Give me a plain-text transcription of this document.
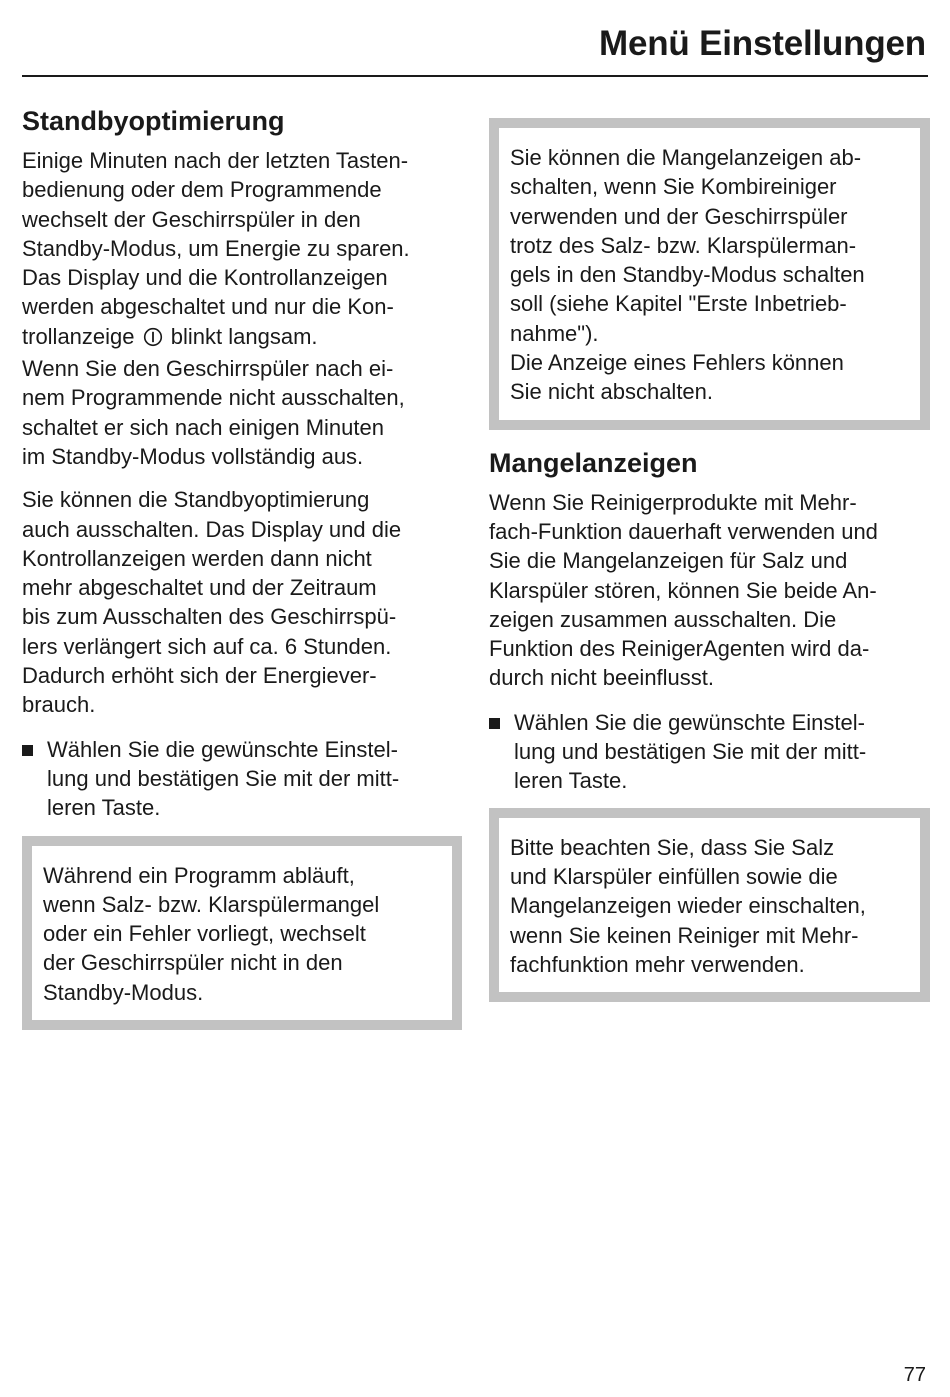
Menü Einstellungen
Standbyoptimierung
Einige Minuten nach der letzten Tasten-
bedienung oder dem Programmende
wechselt der Geschirrspüler in den
Standby-Modus, um Energie zu sparen.
Das Display und die Kontrollanzeigen
werden abgeschaltet und nur die Kon-
trollanzeige blinkt langsam.
Wenn Sie den Geschirrspüler nach ei-
nem Programmende nicht ausschalten,
schaltet er sich nach einigen Minuten
im Standby-Modus vollständig aus.
Sie können die Standbyoptimierung
auch ausschalten. Das Display und die
Kontrollanzeigen werden dann nicht
mehr abgeschaltet und der Zeitraum
bis zum Ausschalten des Geschirrspü-
lers verlängert sich auf ca. 6 Stunden.
Dadurch erhöht sich der Energiever-
brauch.
Wählen Sie die gewünschte Einstel-
lung und bestätigen Sie mit der mitt-
leren Taste.
Während ein Programm abläuft,
wenn Salz- bzw. Klarspülermangel
oder ein Fehler vorliegt, wechselt
der Geschirrspüler nicht in den
Standby-Modus.
Sie können die Mangelanzeigen ab-
schalten, wenn Sie Kombireiniger
verwenden und der Geschirrspüler
trotz des Salz- bzw. Klarspülerman-
gels in den Standby-Modus schalten
soll (siehe Kapitel "Erste Inbetrieb-
nahme").
Die Anzeige eines Fehlers können
Sie nicht abschalten.
Mangelanzeigen
Wenn Sie Reinigerprodukte mit Mehr-
fach-Funktion dauerhaft verwenden und
Sie die Mangelanzeigen für Salz und
Klarspüler stören, können Sie beide An-
zeigen zusammen ausschalten. Die
Funktion des ReinigerAgenten wird da-
durch nicht beeinflusst.
Wählen Sie die gewünschte Einstel-
lung und bestätigen Sie mit der mitt-
leren Taste.
Bitte beachten Sie, dass Sie Salz
und Klarspüler einfüllen sowie die
Mangelanzeigen wieder einschalten,
wenn Sie keinen Reiniger mit Mehr-
fachfunktion mehr verwenden.
77
